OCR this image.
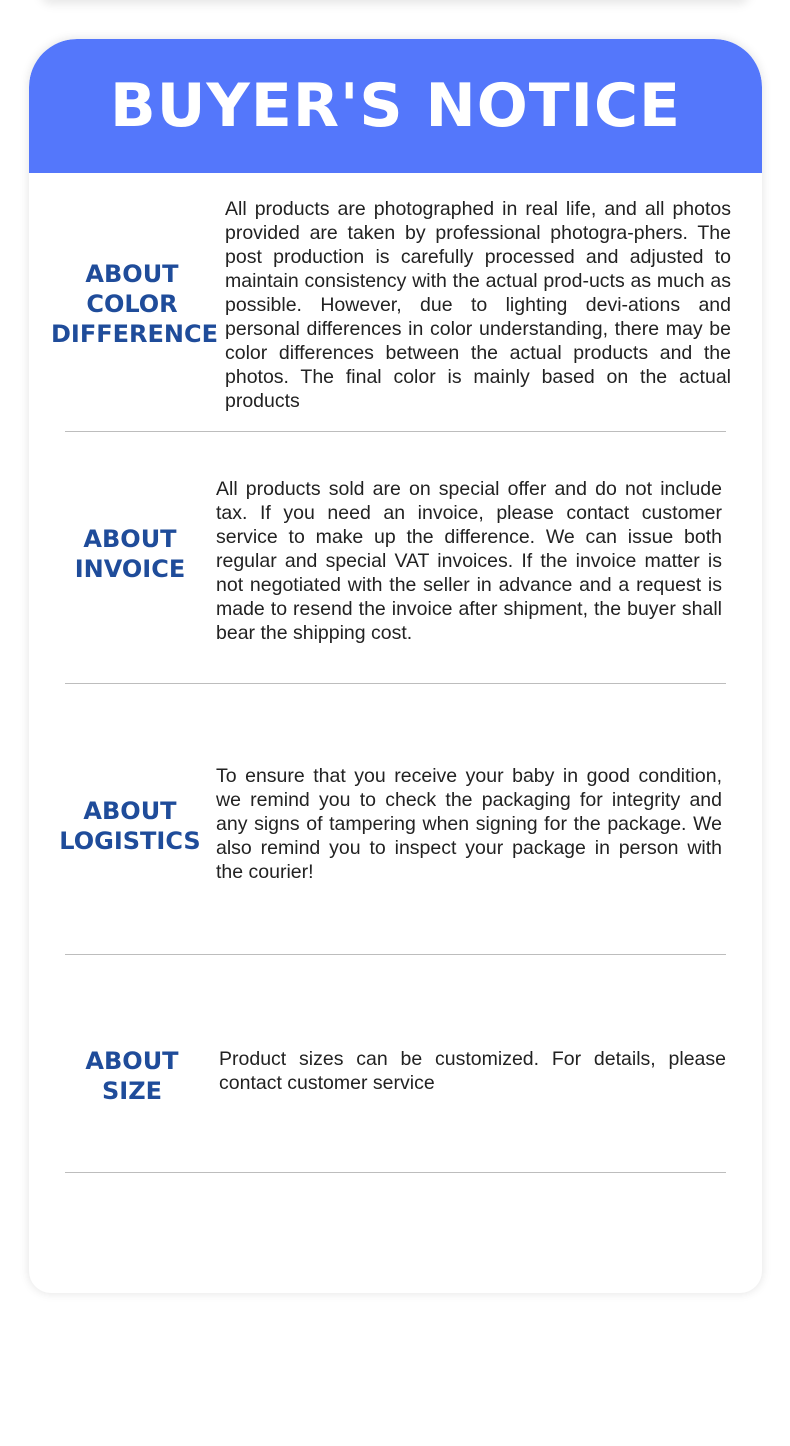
BUYER'S NOTICE
ABOUT
COLOR
DIFFERENCE
All products are photographed in real life, and all photos provided are taken by professional photogra-phers. The post production is carefully processed and adjusted to maintain consistency with the actual prod-ucts as much as possible. However, due to lighting devi-ations and personal differences in color understanding, there may be color differences between the actual products and the photos. The final color is mainly based on the actual products
ABOUT
INVOICE
All products sold are on special offer and do not include tax. If you need an invoice, please contact customer service to make up the difference. We can issue both regular and special VAT invoices. If the invoice matter is not negotiated with the seller in advance and a request is made to resend the invoice after shipment, the buyer shall bear the shipping cost.
ABOUT
LOGISTICS
To ensure that you receive your baby in good condition, we remind you to check the packaging for integrity and any signs of tampering when signing for the package. We also remind you to inspect your package in person with the courier!
ABOUT
SIZE
Product sizes can be customized. For details, please contact customer service
